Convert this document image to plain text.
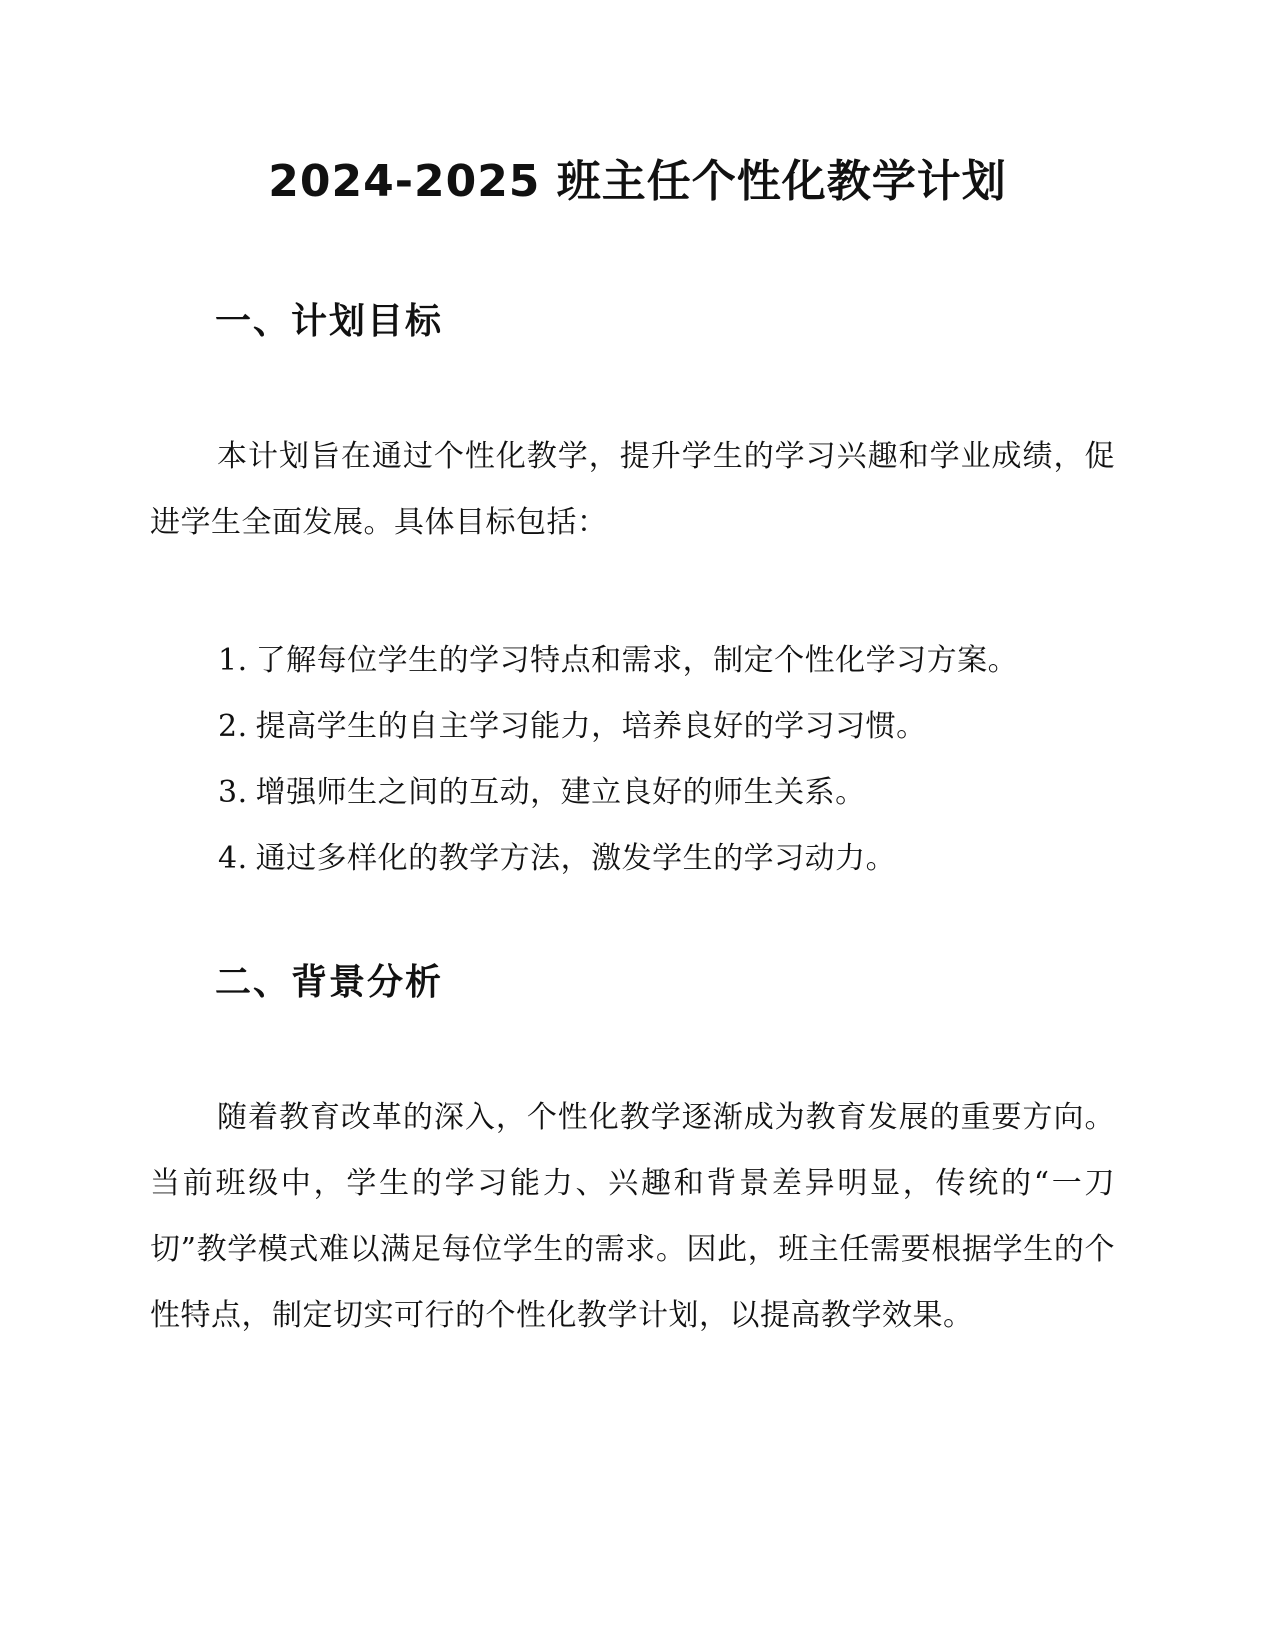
2024-2025 班主任个性化教学计划
一、计划目标

本计划旨在通过个性化教学，提升学生的学习兴趣和学业成绩，促进学生全面发展。具体目标包括：

1. 了解每位学生的学习特点和需求，制定个性化学习方案。
2. 提高学生的自主学习能力，培养良好的学习习惯。
3. 增强师生之间的互动，建立良好的师生关系。
4. 通过多样化的教学方法，激发学生的学习动力。
二、背景分析

随着教育改革的深入，个性化教学逐渐成为教育发展的重要方向。当前班级中，学生的学习能力、兴趣和背景差异明显，传统的“一刀切”教学模式难以满足每位学生的需求。因此，班主任需要根据学生的个性特点，制定切实可行的个性化教学计划，以提高教学效果。
